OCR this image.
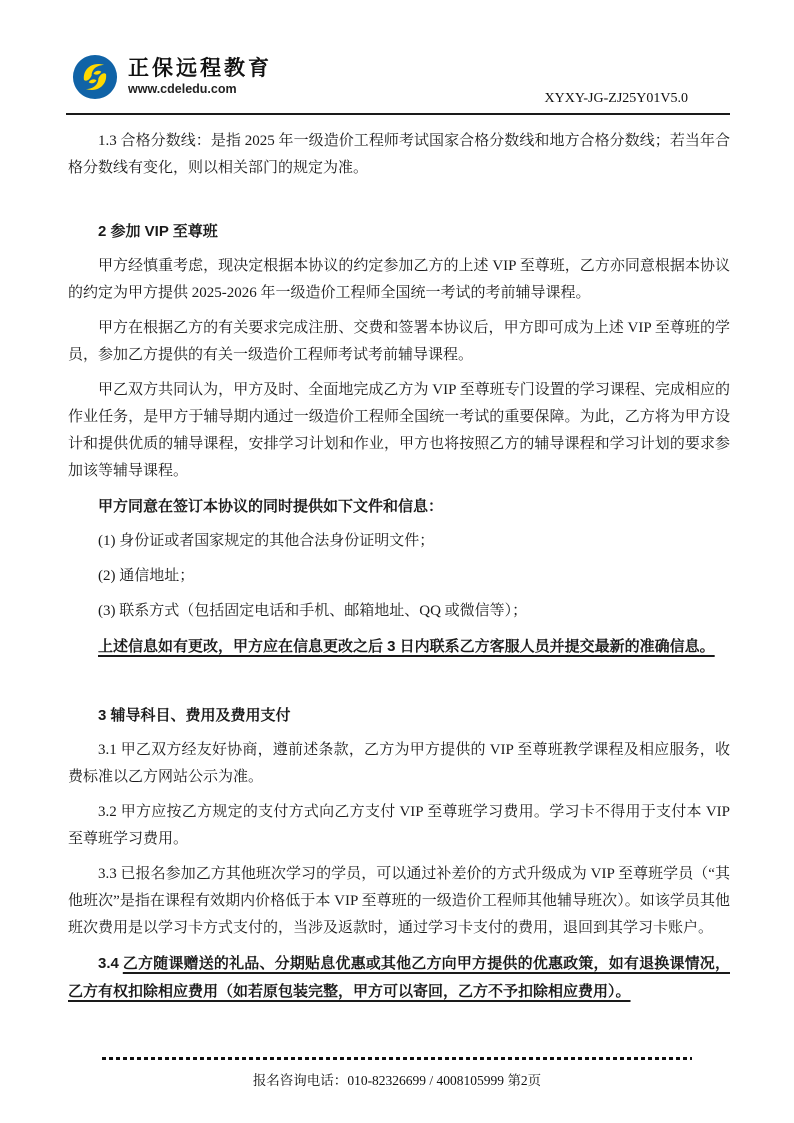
正保远程教育
www.cdeledu.com
XYXY-JG-ZJ25Y01V5.0

1.3 合格分数线：是指 2025 年一级造价工程师考试国家合格分数线和地方合格分数线；若当年合格分数线有变化，则以相关部门的规定为准。

2 参加 VIP 至尊班

甲方经慎重考虑，现决定根据本协议的约定参加乙方的上述 VIP 至尊班，乙方亦同意根据本协议的约定为甲方提供 2025-2026 年一级造价工程师全国统一考试的考前辅导课程。

甲方在根据乙方的有关要求完成注册、交费和签署本协议后，甲方即可成为上述 VIP 至尊班的学员，参加乙方提供的有关一级造价工程师考试考前辅导课程。

甲乙双方共同认为，甲方及时、全面地完成乙方为 VIP 至尊班专门设置的学习课程、完成相应的作业任务，是甲方于辅导期内通过一级造价工程师全国统一考试的重要保障。为此，乙方将为甲方设计和提供优质的辅导课程，安排学习计划和作业，甲方也将按照乙方的辅导课程和学习计划的要求参加该等辅导课程。

甲方同意在签订本协议的同时提供如下文件和信息：

(1) 身份证或者国家规定的其他合法身份证明文件；

(2) 通信地址；

(3) 联系方式（包括固定电话和手机、邮箱地址、QQ 或微信等）；

上述信息如有更改，甲方应在信息更改之后 3 日内联系乙方客服人员并提交最新的准确信息。

3 辅导科目、费用及费用支付

3.1 甲乙双方经友好协商，遵前述条款，乙方为甲方提供的 VIP 至尊班教学课程及相应服务，收费标准以乙方网站公示为准。

3.2 甲方应按乙方规定的支付方式向乙方支付 VIP 至尊班学习费用。学习卡不得用于支付本 VIP 至尊班学习费用。

3.3 已报名参加乙方其他班次学习的学员，可以通过补差价的方式升级成为 VIP 至尊班学员（“其他班次”是指在课程有效期内价格低于本 VIP 至尊班的一级造价工程师其他辅导班次）。如该学员其他班次费用是以学习卡方式支付的，当涉及返款时，通过学习卡支付的费用，退回到其学习卡账户。

3.4 乙方随课赠送的礼品、分期贴息优惠或其他乙方向甲方提供的优惠政策，如有退换课情况，乙方有权扣除相应费用（如若原包装完整，甲方可以寄回，乙方不予扣除相应费用）。

报名咨询电话：010-82326699 / 4008105999 第2页
